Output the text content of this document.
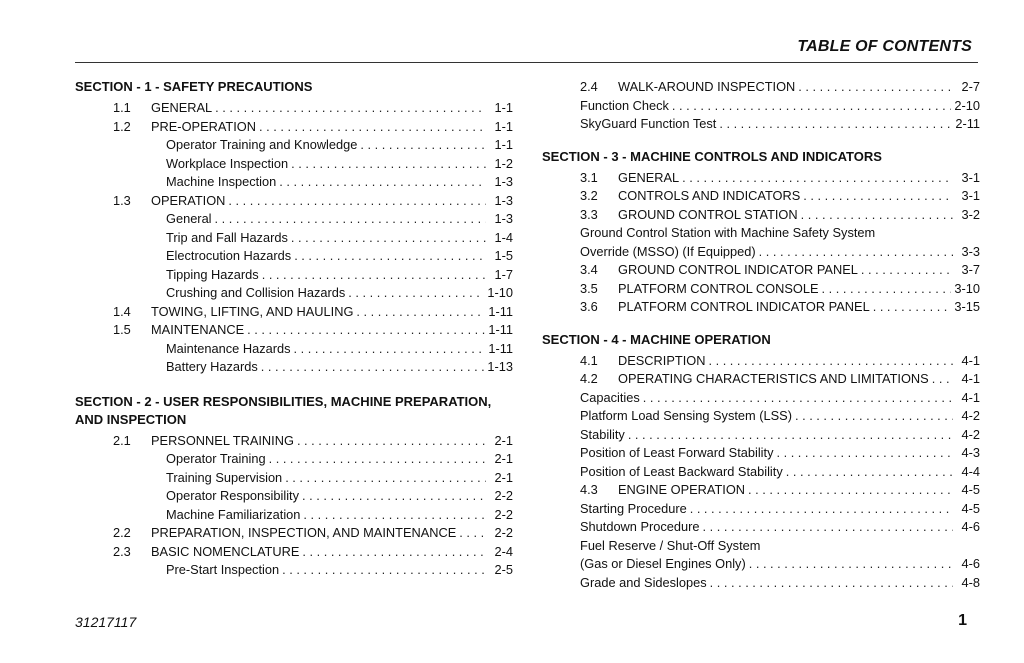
TABLE OF CONTENTS
SECTION - 1 - SAFETY PRECAUTIONS
1.1	GENERAL . . .	1-1
1.2	PRE-OPERATION . . .	1-1
Operator Training and Knowledge . . .	1-1
Workplace Inspection . . .	1-2
Machine Inspection . . .	1-3
1.3	OPERATION . . .	1-3
General . . .	1-3
Trip and Fall Hazards . . .	1-4
Electrocution Hazards . . .	1-5
Tipping Hazards . . .	1-7
Crushing and Collision Hazards . . .	1-10
1.4	TOWING, LIFTING, AND HAULING . . .	1-11
1.5	MAINTENANCE . . .	1-11
Maintenance Hazards . . .	1-11
Battery Hazards . . .	1-13
SECTION - 2 - USER RESPONSIBILITIES, MACHINE PREPARATION,
AND INSPECTION
2.1	PERSONNEL TRAINING . . .	2-1
Operator Training . . .	2-1
Training Supervision . . .	2-1
Operator Responsibility . . .	2-2
Machine Familiarization . . .	2-2
2.2	PREPARATION, INSPECTION, AND MAINTENANCE . . .	2-2
2.3	BASIC NOMENCLATURE . . .	2-4
Pre-Start Inspection . . .	2-5
2.4	WALK-AROUND INSPECTION . . .	2-7
Function Check . . .	2-10
SkyGuard Function Test . . .	2-11
SECTION - 3 - MACHINE CONTROLS AND INDICATORS
3.1	GENERAL . . .	3-1
3.2	CONTROLS AND INDICATORS . . .	3-1
3.3	GROUND CONTROL STATION . . .	3-2
Ground Control Station with Machine Safety System
Override (MSSO) (If Equipped) . . .	3-3
3.4	GROUND CONTROL INDICATOR PANEL . . .	3-7
3.5	PLATFORM CONTROL CONSOLE . . .	3-10
3.6	PLATFORM CONTROL INDICATOR PANEL . . .	3-15
SECTION - 4 - MACHINE OPERATION
4.1	DESCRIPTION . . .	4-1
4.2	OPERATING CHARACTERISTICS AND LIMITATIONS . . .	4-1
Capacities . . .	4-1
Platform Load Sensing System (LSS) . . .	4-2
Stability . . .	4-2
Position of Least Forward Stability . . .	4-3
Position of Least Backward Stability . . .	4-4
4.3	ENGINE OPERATION . . .	4-5
Starting Procedure . . .	4-5
Shutdown Procedure . . .	4-6
Fuel Reserve / Shut-Off System
(Gas or Diesel Engines Only) . . .	4-6
Grade and Sideslopes . . .	4-8
31217117	1
